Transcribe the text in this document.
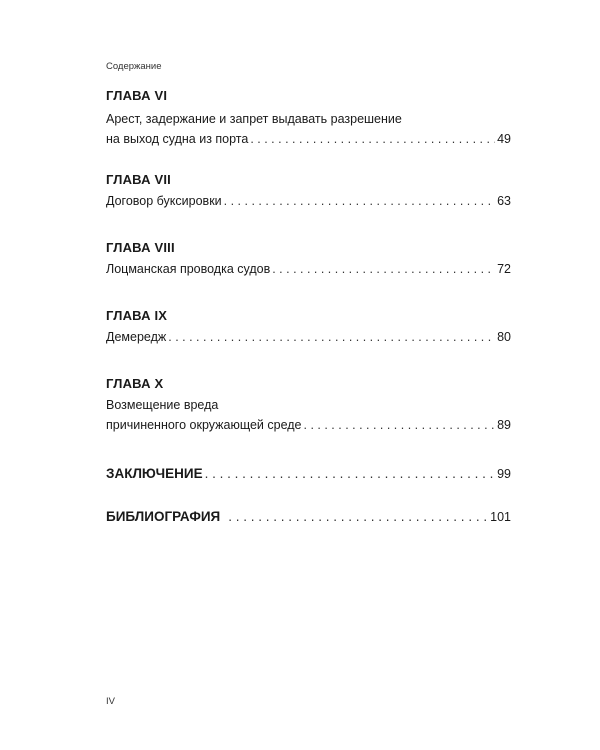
Содержание
ГЛАВА VI
Арест, задержание и запрет выдавать разрешение
на выход судна из порта . . .	49
ГЛАВА VII
Договор буксировки . . .	63
ГЛАВА VIII
Лоцманская проводка судов . . .	72
ГЛАВА IX
Демередж . . .	80
ГЛАВА X
Возмещение вреда
причиненного окружающей среде . . .	89
ЗАКЛЮЧЕНИЕ . . .	99
БИБЛИОГРАФИЯ . . .	101
IV
